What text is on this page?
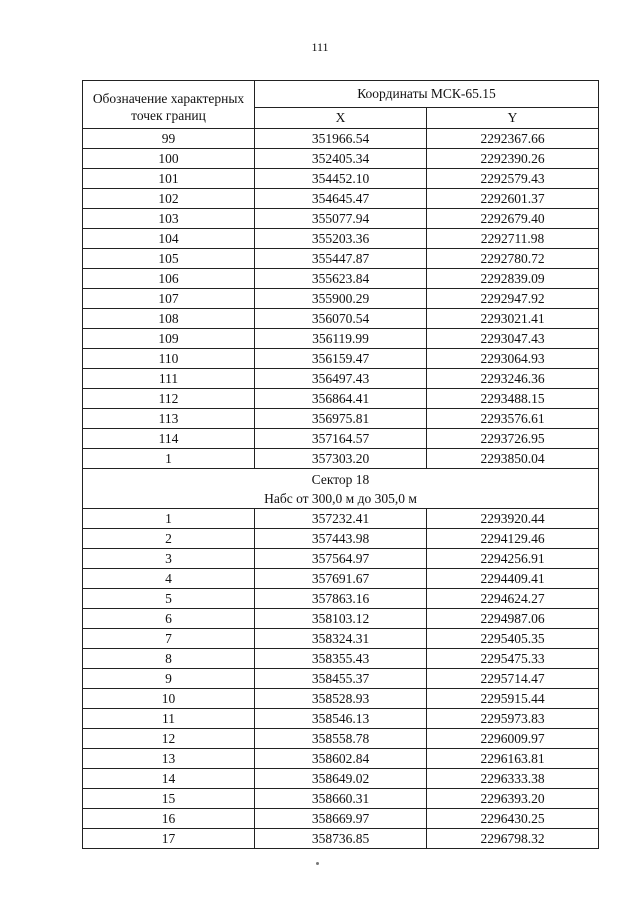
111
Обозначение характерных точек границ	Координаты МСК-65.15	
	X	Y
99	351966.54	2292367.66
100	352405.34	2292390.26
101	354452.10	2292579.43
102	354645.47	2292601.37
103	355077.94	2292679.40
104	355203.36	2292711.98
105	355447.87	2292780.72
106	355623.84	2292839.09
107	355900.29	2292947.92
108	356070.54	2293021.41
109	356119.99	2293047.43
110	356159.47	2293064.93
111	356497.43	2293246.36
112	356864.41	2293488.15
113	356975.81	2293576.61
114	357164.57	2293726.95
1	357303.20	2293850.04

Сектор 18
Набс от 300,0 м до 305,0 м		

1	357232.41	2293920.44
2	357443.98	2294129.46
3	357564.97	2294256.91
4	357691.67	2294409.41
5	357863.16	2294624.27
6	358103.12	2294987.06
7	358324.31	2295405.35
8	358355.43	2295475.33
9	358455.37	2295714.47
10	358528.93	2295915.44
11	358546.13	2295973.83
12	358558.78	2296009.97
13	358602.84	2296163.81
14	358649.02	2296333.38
15	358660.31	2296393.20
16	358669.97	2296430.25
17	358736.85	2296798.32
